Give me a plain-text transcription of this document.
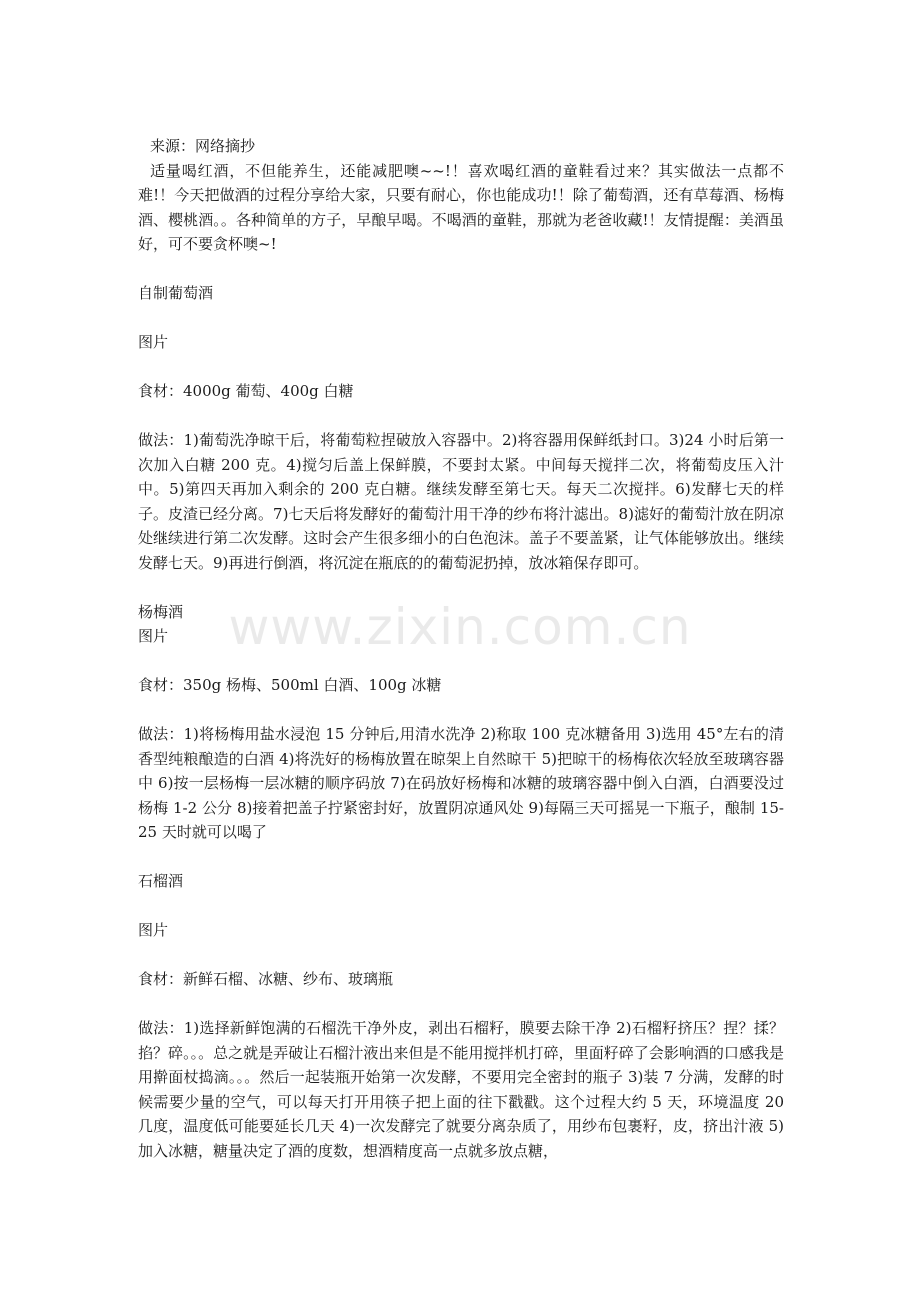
来源：网络摘抄

适量喝红酒，不但能养生，还能减肥噢~~!！喜欢喝红酒的童鞋看过来？其实做法一点都不难!！今天把做酒的过程分享给大家，只要有耐心，你也能成功!！除了葡萄酒，还有草莓酒、杨梅酒、樱桃酒。。各种简单的方子，早酿早喝。不喝酒的童鞋，那就为老爸收藏!！友情提醒：美酒虽好，可不要贪杯噢~!

自制葡萄酒

图片

食材：4000g 葡萄、400g 白糖

做法：1)葡萄洗净晾干后，将葡萄粒捏破放入容器中。2)将容器用保鲜纸封口。3)24 小时后第一次加入白糖 200 克。4)搅匀后盖上保鲜膜，不要封太紧。中间每天搅拌二次，将葡萄皮压入汁中。5)第四天再加入剩余的 200 克白糖。继续发酵至第七天。每天二次搅拌。6)发酵七天的样子。皮渣已经分离。7)七天后将发酵好的葡萄汁用干净的纱布将汁滤出。8)滤好的葡萄汁放在阴凉处继续进行第二次发酵。这时会产生很多细小的白色泡沫。盖子不要盖紧，让气体能够放出。继续发酵七天。9)再进行倒酒，将沉淀在瓶底的的葡萄泥扔掉，放冰箱保存即可。

杨梅酒

图片

食材：350g 杨梅、500ml 白酒、100g 冰糖

做法：1)将杨梅用盐水浸泡 15 分钟后,用清水洗净 2)称取 100 克冰糖备用 3)选用 45°左右的清香型纯粮酿造的白酒 4)将洗好的杨梅放置在晾架上自然晾干 5)把晾干的杨梅依次轻放至玻璃容器中 6)按一层杨梅一层冰糖的顺序码放 7)在码放好杨梅和冰糖的玻璃容器中倒入白酒，白酒要没过杨梅 1-2 公分 8)接着把盖子拧紧密封好，放置阴凉通风处 9)每隔三天可摇晃一下瓶子，酿制 15-25 天时就可以喝了

石榴酒

图片

食材：新鲜石榴、冰糖、纱布、玻璃瓶

做法：1)选择新鲜饱满的石榴洗干净外皮，剥出石榴籽，膜要去除干净 2)石榴籽挤压？捏？揉？掐？碎。。。总之就是弄破让石榴汁液出来但是不能用搅拌机打碎，里面籽碎了会影响酒的口感我是用擀面杖捣滴。。。然后一起装瓶开始第一次发酵，不要用完全密封的瓶子 3)装 7 分满，发酵的时候需要少量的空气，可以每天打开用筷子把上面的往下戳戳。这个过程大约 5 天，环境温度 20 几度，温度低可能要延长几天 4)一次发酵完了就要分离杂质了，用纱布包裹籽，皮，挤出汁液 5)加入冰糖，糖量决定了酒的度数，想酒精度高一点就多放点糖，

www.zixin.com.cn
